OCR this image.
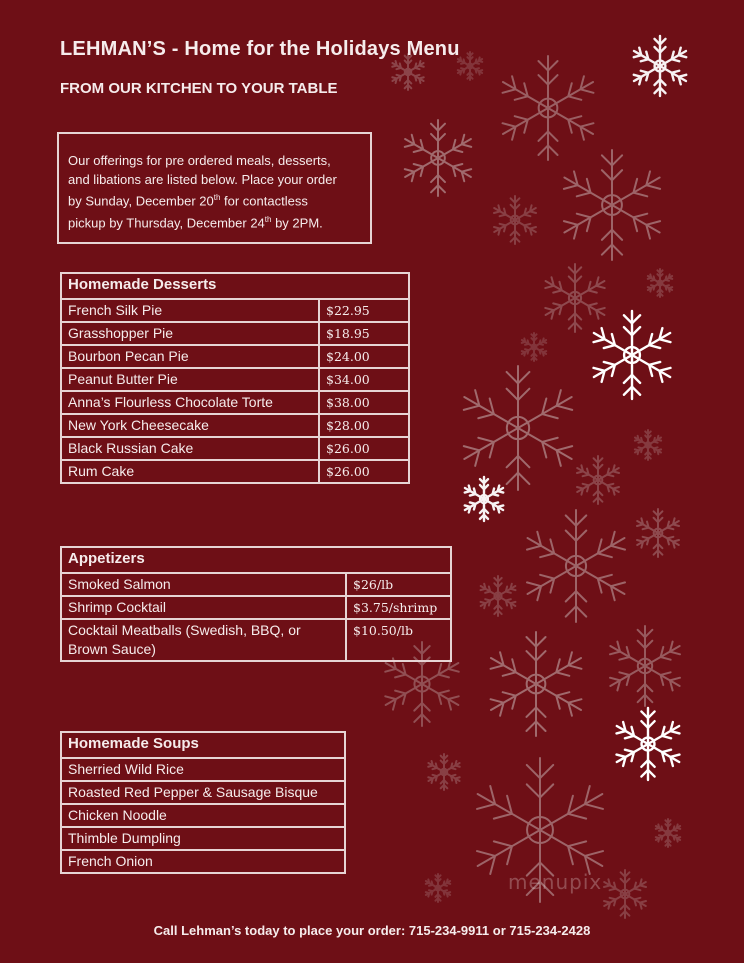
LEHMAN’S - Home for the Holidays Menu
FROM OUR KITCHEN TO YOUR TABLE
Our offerings for pre ordered meals, desserts,
and libations are listed below. Place your order
by Sunday, December 20th for contactless
pickup by Thursday, December 24th by 2PM.
Homemade Desserts	
French Silk Pie	$22.95
Grasshopper Pie	$18.95
Bourbon Pecan Pie	$24.00
Peanut Butter Pie	$34.00
Anna’s Flourless Chocolate Torte	$38.00
New York Cheesecake	$28.00
Black Russian Cake	$26.00
Rum Cake	$26.00
Appetizers	
Smoked Salmon	$26/lb
Shrimp Cocktail	$3.75/shrimp
Cocktail Meatballs (Swedish, BBQ, or Brown Sauce)	$10.50/lb
Homemade Soups
Sherried Wild Rice
Roasted Red Pepper & Sausage Bisque
Chicken Noodle
Thimble Dumpling
French Onion
menupix
Call Lehman’s today to place your order: 715-234-9911 or 715-234-2428
